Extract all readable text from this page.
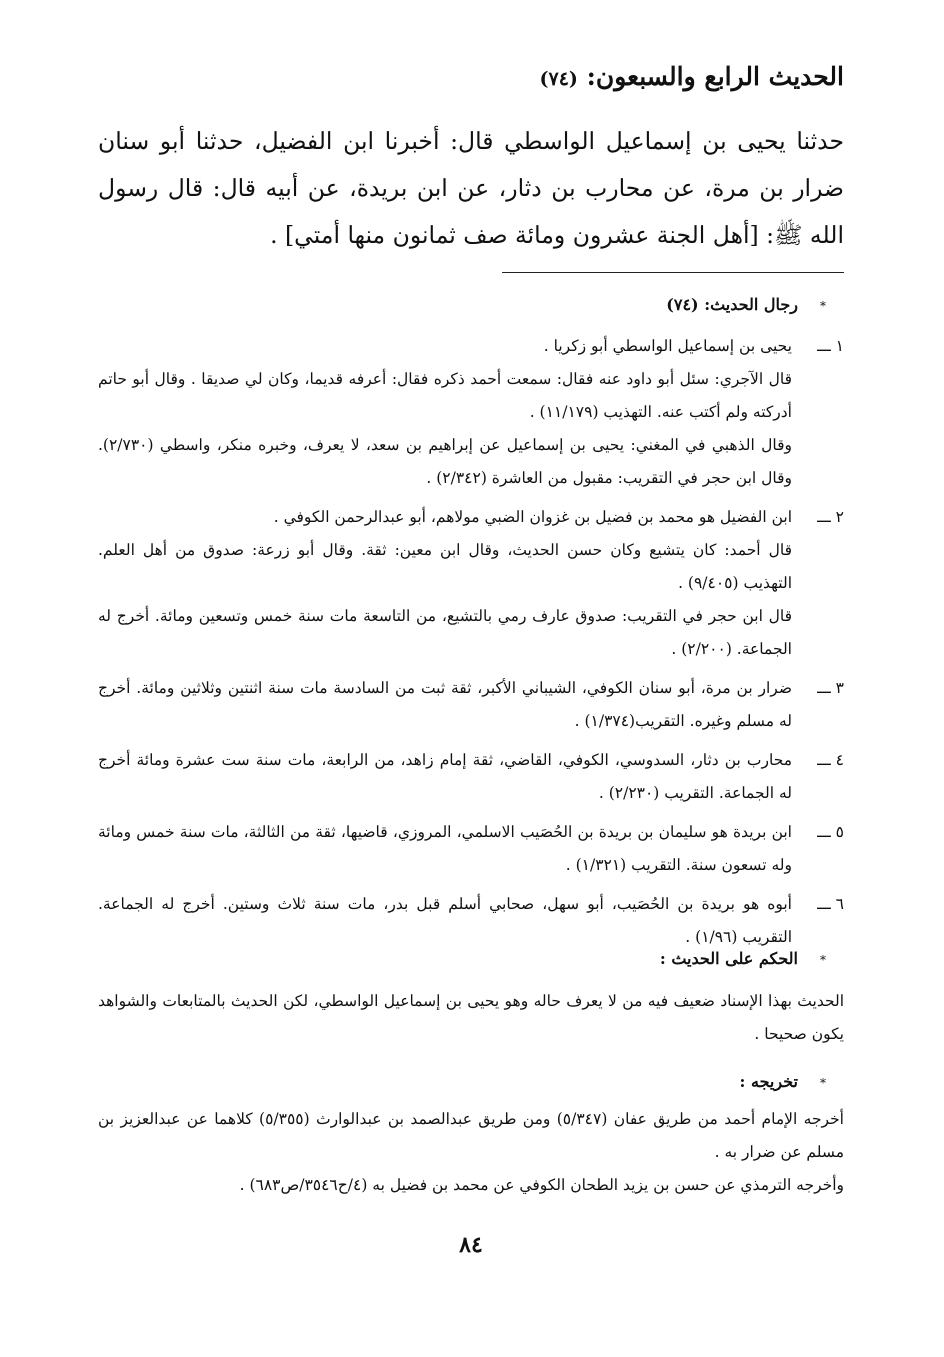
الحديث الرابع والسبعون: (٧٤)
حدثنا يحيى بن إسماعيل الواسطي قال: أخبرنا ابن الفضيل، حدثنا أبو سنان ضرار بن مرة، عن محارب بن دثار، عن ابن بريدة، عن أبيه قال: قال رسول الله ﷺ: [أهل الجنة عشرون ومائة صف ثمانون منها أمتي] .
*رجال الحديث: (٧٤)
١ ـــ

يحيى بن إسماعيل الواسطي أبو زكريا .

قال الآجري: سئل أبو داود عنه فقال: سمعت أحمد ذكره فقال: أعرفه قديما، وكان لي صديقا . وقال أبو حاتم أدركته ولم أكتب عنه. التهذيب (١١/١٧٩) .

وقال الذهبي في المغني: يحيى بن إسماعيل عن إبراهيم بن سعد، لا يعرف، وخبره منكر، واسطي (٢/٧٣٠). وقال ابن حجر في التقريب: مقبول من العاشرة (٢/٣٤٢) .

٢ ـــ

ابن الفضيل هو محمد بن فضيل بن غزوان الضبي مولاهم، أبو عبدالرحمن الكوفي .

قال أحمد: كان يتشيع وكان حسن الحديث، وقال ابن معين: ثقة. وقال أبو زرعة: صدوق من أهل العلم. التهذيب (٩/٤٠٥) .

قال ابن حجر في التقريب: صدوق عارف رمي بالتشيع، من التاسعة مات سنة خمس وتسعين ومائة. أخرج له الجماعة. (٢/٢٠٠) .

٣ ـــ

ضرار بن مرة، أبو سنان الكوفي، الشيباني الأكبر، ثقة ثبت من السادسة مات سنة اثنتين وثلاثين ومائة. أخرج له مسلم وغيره. التقريب(١/٣٧٤) .

٤ ـــ

محارب بن دثار، السدوسي، الكوفي، القاضي، ثقة إمام زاهد، من الرابعة، مات سنة ست عشرة ومائة أخرج له الجماعة. التقريب (٢/٢٣٠) .

٥ ـــ

ابن بريدة هو سليمان بن بريدة بن الحُصَيب الاسلمي، المروزي، قاضيها، ثقة من الثالثة، مات سنة خمس ومائة وله تسعون سنة. التقريب (١/٣٢١) .

٦ ـــ

أبوه هو بريدة بن الحُصَيب، أبو سهل، صحابي أسلم قبل بدر، مات سنة ثلاث وستين. أخرج له الجماعة. التقريب (١/٩٦) .

*الحكم على الحديث :
الحديث بهذا الإسناد ضعيف فيه من لا يعرف حاله وهو يحيى بن إسماعيل الواسطي، لكن الحديث بالمتابعات والشواهد يكون صحيحا .
*تخريجه :

أخرجه الإمام أحمد من طريق عفان (٥/٣٤٧) ومن طريق عبدالصمد بن عبدالوارث (٥/٣٥٥) كلاهما عن عبدالعزيز بن مسلم عن ضرار به .

وأخرجه الترمذي عن حسن بن يزيد الطحان الكوفي عن محمد بن فضيل به (٤/ح٣٥٤٦/ص٦٨٣) .

٨٤
